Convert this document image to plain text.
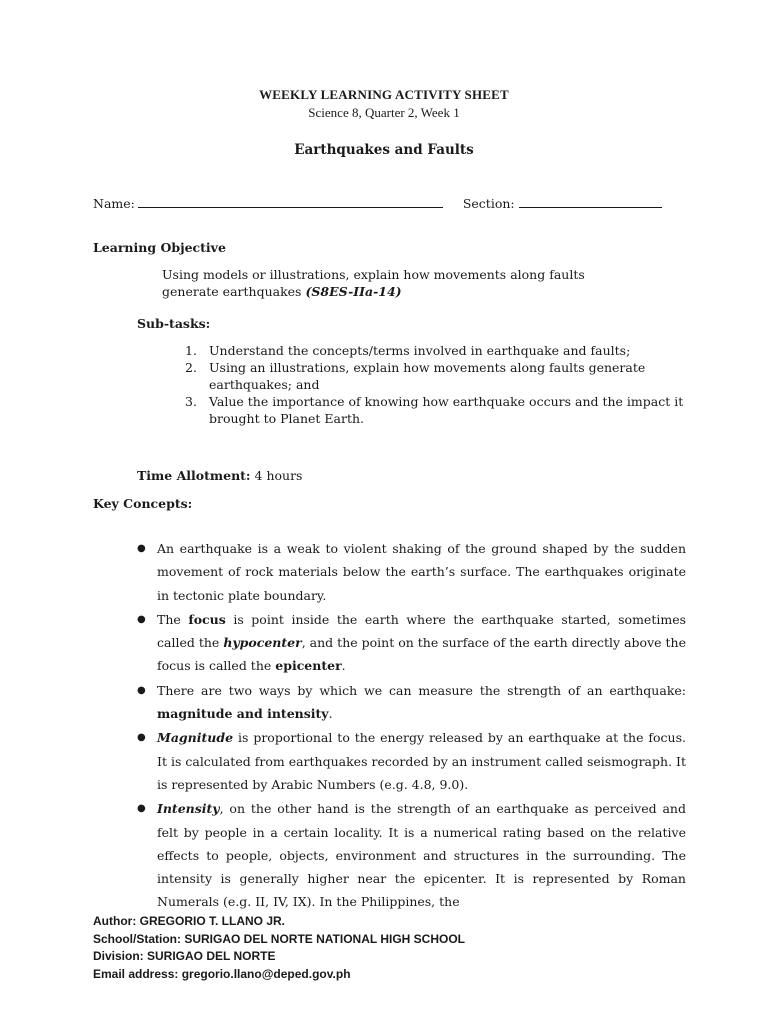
WEEKLY LEARNING ACTIVITY SHEET
Science 8, Quarter 2, Week 1
Earthquakes and Faults
Name:	Section:
Learning Objective
Using models or illustrations, explain how movements along faults
generate earthquakes (S8ES-IIa-14)
Sub-tasks:
1. Understand the concepts/terms involved in earthquake and faults;
2. Using an illustrations, explain how movements along faults generate earthquakes; and
3. Value the importance of knowing how earthquake occurs and the impact it brought to Planet Earth.
Time Allotment: 4 hours
Key Concepts:
● An earthquake is a weak to violent shaking of the ground shaped by the sudden movement of rock materials below the earth’s surface. The earthquakes originate in tectonic plate boundary.
● The focus is point inside the earth where the earthquake started, sometimes called the hypocenter, and the point on the surface of the earth directly above the focus is called the epicenter.
● There are two ways by which we can measure the strength of an earthquake: magnitude and intensity.
● Magnitude is proportional to the energy released by an earthquake at the focus. It is calculated from earthquakes recorded by an instrument called seismograph. It is represented by Arabic Numbers (e.g. 4.8, 9.0).
● Intensity, on the other hand is the strength of an earthquake as perceived and felt by people in a certain locality. It is a numerical rating based on the relative effects to people, objects, environment and structures in the surrounding. The intensity is generally higher near the epicenter. It is represented by Roman Numerals (e.g. II, IV, IX). In the Philippines, the
Author: GREGORIO T. LLANO JR.
School/Station: SURIGAO DEL NORTE NATIONAL HIGH SCHOOL
Division: SURIGAO DEL NORTE
Email address: gregorio.llano@deped.gov.ph
